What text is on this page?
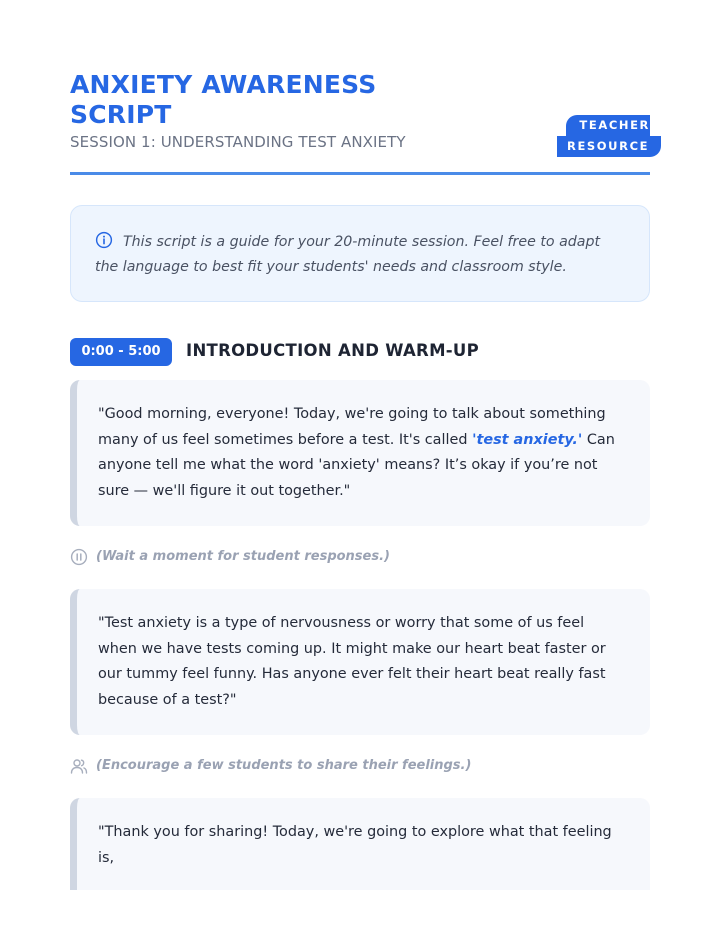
ANXIETY AWARENESS SCRIPT
SESSION 1: UNDERSTANDING TEST ANXIETY
TEACHER
RESOURCE
This script is a guide for your 20-minute session. Feel free to adapt the language to best fit your students' needs and classroom style.
0:00 - 5:00	INTRODUCTION AND WARM-UP
"Good morning, everyone! Today, we're going to talk about something many of us feel sometimes before a test. It's called 'test anxiety.' Can anyone tell me what the word 'anxiety' means? It’s okay if you’re not sure — we'll figure it out together."
(Wait a moment for student responses.)
"Test anxiety is a type of nervousness or worry that some of us feel when we have tests coming up. It might make our heart beat faster or our tummy feel funny. Has anyone ever felt their heart beat really fast because of a test?"
(Encourage a few students to share their feelings.)
"Thank you for sharing! Today, we're going to explore what that feeling is,
